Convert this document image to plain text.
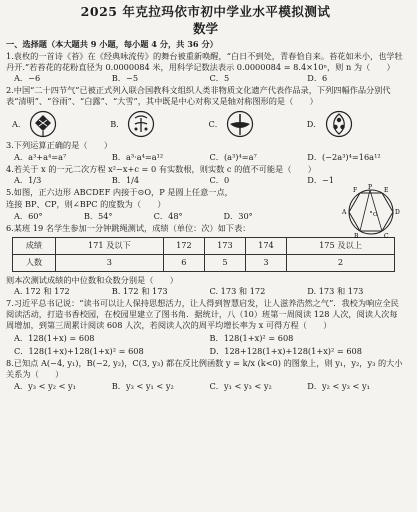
2025 年克拉玛依市初中学业水平模拟测试
数学
一、选择题（本大题共 9 小题，每小题 4 分，共 36 分）
1.袁枚的一首诗《苔》在《经典咏流传》的舞台被重新唤醒，“白日不到处，青春恰自来。苔花如米小，也学牡丹开.”若苔花的花粉直径为 0.0000084 米，用科学记数法表示 0.0000084 = 8.4×10ⁿ，则 n 为（　　）
A．−6	B．−5	C．5	D．6
2.中国“二十四节气”已被正式列入联合国教科文组织人类非物质文化遗产代表作品录，下列四幅作品分别代表“清明”、“谷雨”、“白露”、“大雪”，其中既是中心对称又是轴对称图形的是（　　）
A．	B．	C．	D．
3.下列运算正确的是（　　）
A．a³+a⁴=a⁷	B．a³·a⁴=a¹²	C．(a³)⁴=a⁷	D．(−2a³)⁴=16a¹²
4.若关于 x 的一元二次方程 x²−x+c = 0 有实数根，则实数 c 的值不可能是（　　）
A．1/3	B．1/4	C．0	D．−1
5.如图，正六边形 ABCDEF 内接于⊙O，P 是圆上任意一点，
连接 BP、CP，则∠BPC 的度数为（　　）
A．60°	B．54°	C．48°	D．30°
P E
F
D
A
C
B
O
6.某班 19 名学生参加一分钟跳绳测试，成绩（单位：次）如下表：
成绩	171 及以下	172	173	174	175 及以上
人数	3	6	5	3	2
则本次测试成绩的中位数和众数分别是（　　）
A. 172 和 172	B. 172 和 173	C. 173 和 172	D. 173 和 173
7.习近平总书记说：“读书可以让人保持思想活力，让人得到智慧启发，让人滋养浩然之气”．我校为响应全民阅读活动，打造书香校园，在校园里建立了图书角．据统计，八（10）班第一周阅读 128 人次，阅读人次每周增加，到第三周累计阅读 608 人次，若阅读人次的周平均增长率为 x 可得方程（　　）
A．128(1+x) = 608	B．128(1+x)² = 608
C．128(1+x)+128(1+x)² = 608	D．128+128(1+x)+128(1+x)² = 608
8.已知点 A(−4, y₁)，B(−2, y₂)，C(3, y₃) 都在反比例函数 y = k/x (k<0) 的图象上，则 y₁，y₂，y₃ 的大小关系为（　　）
A．y₃ < y₂ < y₁	B．y₃ < y₁ < y₂	C．y₁ < y₃ < y₂	D．y₂ < y₃ < y₁
